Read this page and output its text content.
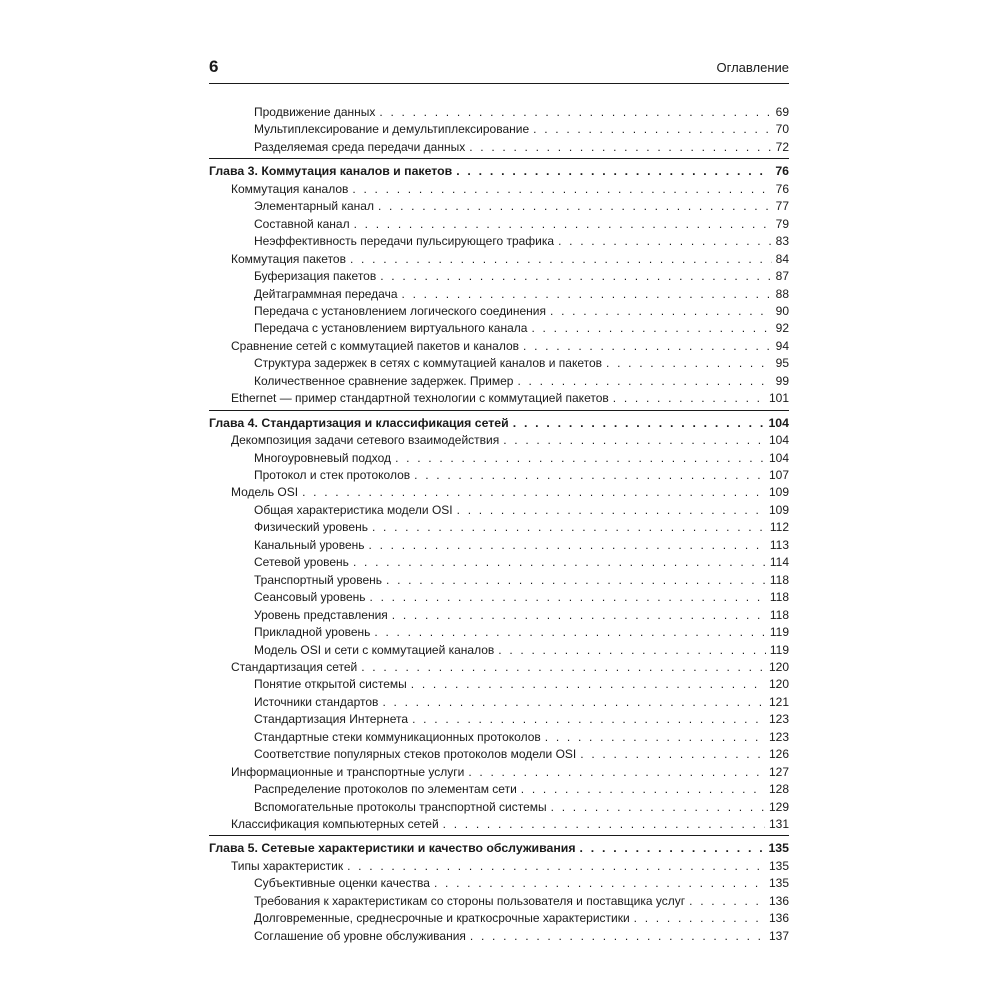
6	Оглавление
Продвижение данных . . .	69
Мультиплексирование и демультиплексирование . . .	70
Разделяемая среда передачи данных . . .	72
Глава 3. Коммутация каналов и пакетов . . .	76
Коммутация каналов . . .	76
Элементарный канал . . .	77
Составной канал . . .	79
Неэффективность передачи пульсирующего трафика . . .	83
Коммутация пакетов . . .	84
Буферизация пакетов . . .	87
Дейтаграммная передача . . .	88
Передача с установлением логического соединения . . .	90
Передача с установлением виртуального канала . . .	92
Сравнение сетей с коммутацией пакетов и каналов . . .	94
Структура задержек в сетях с коммутацией каналов и пакетов . . .	95
Количественное сравнение задержек. Пример . . .	99
Ethernet — пример стандартной технологии с коммутацией пакетов . . .	101
Глава 4. Стандартизация и классификация сетей . . .	104
Декомпозиция задачи сетевого взаимодействия . . .	104
Многоуровневый подход . . .	104
Протокол и стек протоколов . . .	107
Модель OSI . . .	109
Общая характеристика модели OSI . . .	109
Физический уровень . . .	112
Канальный уровень . . .	113
Сетевой уровень . . .	114
Транспортный уровень . . .	118
Сеансовый уровень . . .	118
Уровень представления . . .	118
Прикладной уровень . . .	119
Модель OSI и сети с коммутацией каналов . . .	119
Стандартизация сетей . . .	120
Понятие открытой системы . . .	120
Источники стандартов . . .	121
Стандартизация Интернета . . .	123
Стандартные стеки коммуникационных протоколов . . .	123
Соответствие популярных стеков протоколов модели OSI . . .	126
Информационные и транспортные услуги . . .	127
Распределение протоколов по элементам сети . . .	128
Вспомогательные протоколы транспортной системы . . .	129
Классификация компьютерных сетей . . .	131
Глава 5. Сетевые характеристики и качество обслуживания . . .	135
Типы характеристик . . .	135
Субъективные оценки качества . . .	135
Требования к характеристикам со стороны пользователя и поставщика услуг . . .	136
Долговременные, среднесрочные и краткосрочные характеристики . . .	136
Соглашение об уровне обслуживания . . .	137
